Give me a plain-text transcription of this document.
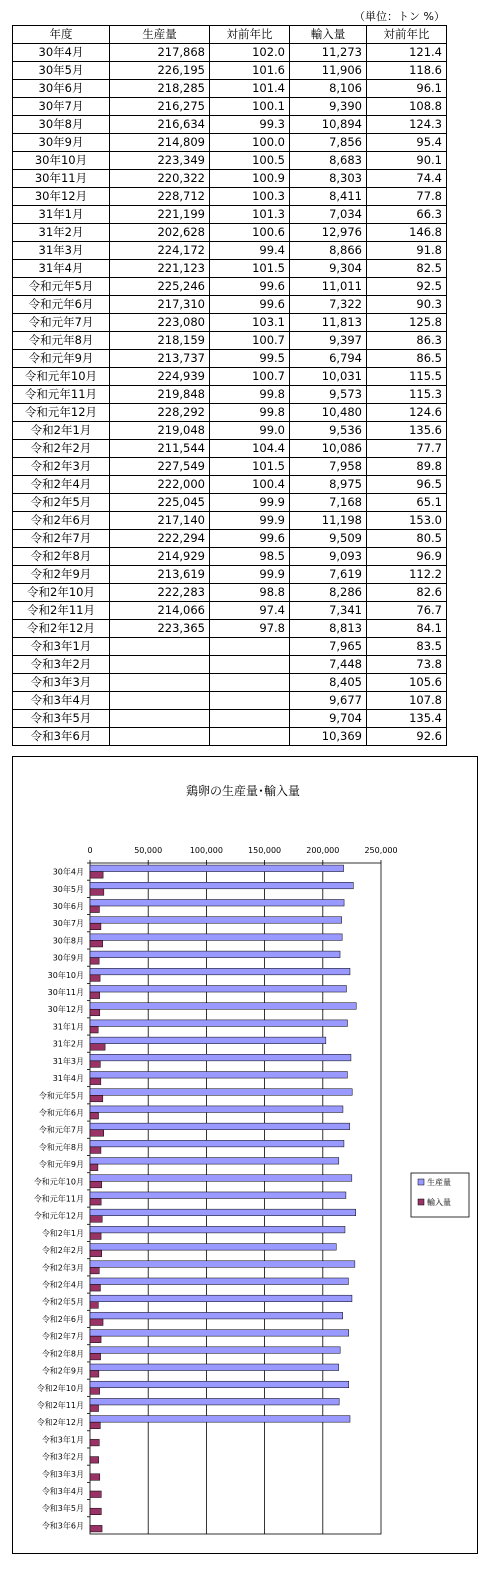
（単位：トン %）
年度	生産量	対前年比	輸入量	対前年比
30年4月	217,868	102.0	11,273	121.4
30年5月	226,195	101.6	11,906	118.6
30年6月	218,285	101.4	8,106	96.1
30年7月	216,275	100.1	9,390	108.8
30年8月	216,634	99.3	10,894	124.3
30年9月	214,809	100.0	7,856	95.4
30年10月	223,349	100.5	8,683	90.1
30年11月	220,322	100.9	8,303	74.4
30年12月	228,712	100.3	8,411	77.8
31年1月	221,199	101.3	7,034	66.3
31年2月	202,628	100.6	12,976	146.8
31年3月	224,172	99.4	8,866	91.8
31年4月	221,123	101.5	9,304	82.5
令和元年5月	225,246	99.6	11,011	92.5
令和元年6月	217,310	99.6	7,322	90.3
令和元年7月	223,080	103.1	11,813	125.8
令和元年8月	218,159	100.7	9,397	86.3
令和元年9月	213,737	99.5	6,794	86.5
令和元年10月	224,939	100.7	10,031	115.5
令和元年11月	219,848	99.8	9,573	115.3
令和元年12月	228,292	99.8	10,480	124.6
令和2年1月	219,048	99.0	9,536	135.6
令和2年2月	211,544	104.4	10,086	77.7
令和2年3月	227,549	101.5	7,958	89.8
令和2年4月	222,000	100.4	8,975	96.5
令和2年5月	225,045	99.9	7,168	65.1
令和2年6月	217,140	99.9	11,198	153.0
令和2年7月	222,294	99.6	9,509	80.5
令和2年8月	214,929	98.5	9,093	96.9
令和2年9月	213,619	99.9	7,619	112.2
令和2年10月	222,283	98.8	8,286	82.6
令和2年11月	214,066	97.4	7,341	76.7
令和2年12月	223,365	97.8	8,813	84.1
令和3年1月			7,965	83.5
令和3年2月			7,448	73.8
令和3年3月			8,405	105.6
令和3年4月			9,677	107.8
令和3年5月			9,704	135.4
令和3年6月			10,369	92.6
鶏卵の生産量･輸入量
0	50,000	100,000	150,000	200,000	250,000
30年4月
30年5月
30年6月
30年7月
30年8月
30年9月
30年10月
30年11月
30年12月
31年1月
31年2月
31年3月
31年4月
令和元年5月
令和元年6月
令和元年7月
令和元年8月
令和元年9月
令和元年10月
令和元年11月
令和元年12月
令和2年1月
令和2年2月
令和2年3月
令和2年4月
令和2年5月
令和2年6月
令和2年7月
令和2年8月
令和2年9月
令和2年10月
令和2年11月
令和2年12月
令和3年1月
令和3年2月
令和3年3月
令和3年4月
令和3年5月
令和3年6月
生産量
輸入量
